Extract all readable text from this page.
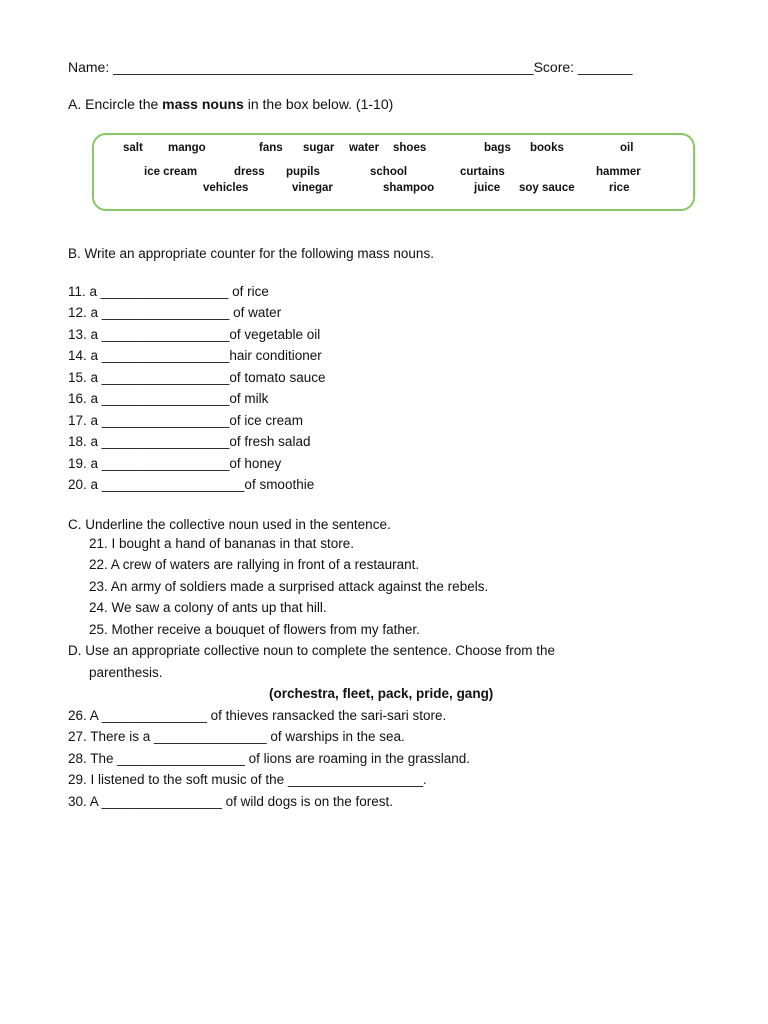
Name: ______________________________________________________Score: _______
A. Encircle the mass nouns in the box below. (1-10)
salt mango	fans sugar water shoes	bags books	oil
ice cream	dress pupils	school	curtains	hammer
vehicles	vinegar	shampoo	juice soy sauce	rice
B. Write an appropriate counter for the following mass nouns.
11. a _________________ of rice
12. a _________________ of water
13. a _________________of vegetable oil
14. a _________________hair conditioner
15. a _________________of tomato sauce
16. a _________________of milk
17. a _________________of ice cream
18. a _________________of fresh salad
19. a _________________of honey
20. a ___________________of smoothie
C. Underline the collective noun used in the sentence.
21. I bought a hand of bananas in that store.
22. A crew of waters are rallying in front of a restaurant.
23. An army of soldiers made a surprised attack against the rebels.
24. We saw a colony of ants up that hill.
25. Mother receive a bouquet of flowers from my father.
D. Use an appropriate collective noun to complete the sentence. Choose from the
parenthesis.
(orchestra, fleet, pack, pride, gang)
26. A ______________ of thieves ransacked the sari-sari store.
27. There is a _______________ of warships in the sea.
28. The _________________ of lions are roaming in the grassland.
29. I listened to the soft music of the __________________.
30. A ________________ of wild dogs is on the forest.
